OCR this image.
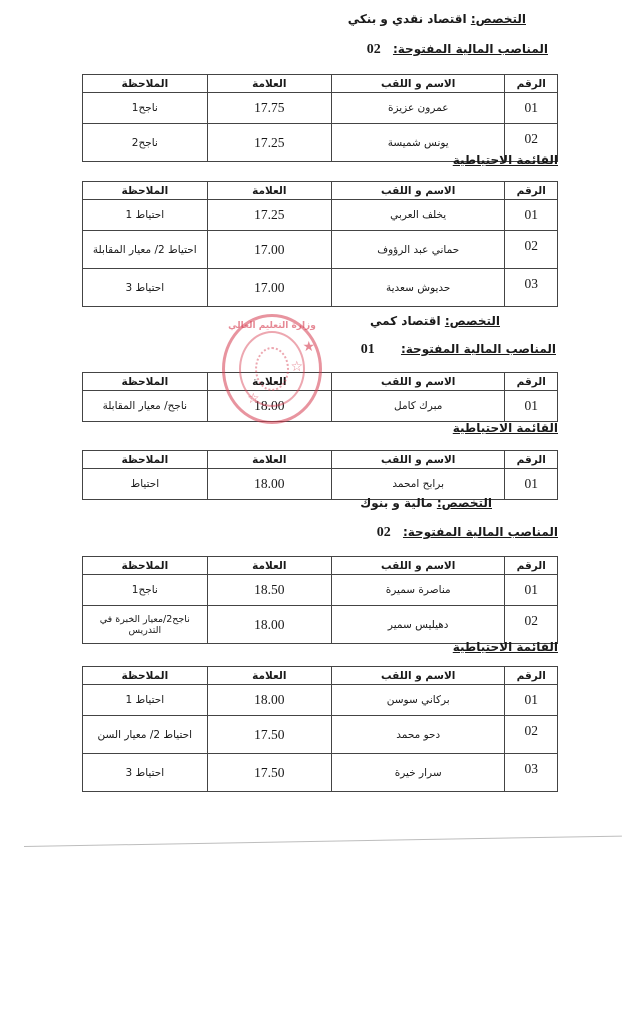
التخصص: اقتصاد نقدي و بنكي
المناصب المالية المفتوحة: 02
الرقم	الاسم و اللقب	العلامة	الملاحظة
01	عمرون عزيزة	17.75	ناجح1
02	يونس شميسة	17.25	ناجح2
القائمة الاحتياطية
الرقم	الاسم و اللقب	العلامة	الملاحظة
01	يخلف العربي	17.25	احتياط 1
02	حماني عبد الرؤوف	17.00	احتياط 2/ معيار المقابلة
03	حديوش سعدية	17.00	احتياط 3
التخصص: اقتصاد كمي
المناصب المالية المفتوحة: 01
الرقم	الاسم و اللقب	العلامة	الملاحظة
01	مبرك كامل	18.00	ناجح/ معيار المقابلة
وزارة التعليم العالي
★
☆
☆
القائمة الاحتياطية
الرقم	الاسم و اللقب	العلامة	الملاحظة
01	برابح امحمد	18.00	احتياط
التخصص: مالية و بنوك
المناصب المالية المفتوحة: 02
الرقم	الاسم و اللقب	العلامة	الملاحظة
01	مناصرة سميرة	18.50	ناجح1
02	دهيليس سمير	18.00	ناجح2/معيار الخبرة في التدريس
القائمة الاحتياطية
الرقم	الاسم و اللقب	العلامة	الملاحظة
01	بركاني سوسن	18.00	احتياط 1
02	دحو محمد	17.50	احتياط 2/ معيار السن
03	سرار خيرة	17.50	احتياط 3
